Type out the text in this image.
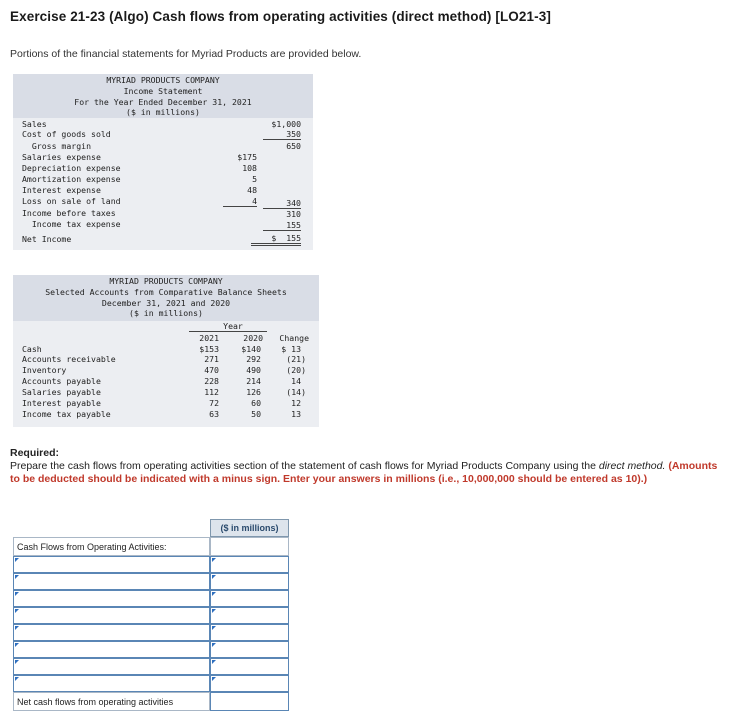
Exercise 21-23 (Algo) Cash flows from operating activities (direct method) [LO21-3]
Portions of the financial statements for Myriad Products are provided below.
MYRIAD PRODUCTS COMPANY
Income Statement
For the Year Ended December 31, 2021
($ in millions)
Sales	$1,000
Cost of goods sold	350
Gross margin	650
Salaries expense	$175
Depreciation expense	108
Amortization expense	5
Interest expense	48
Loss on sale of land	4	340
Income before taxes	310
Income tax expense	155
Net Income	$  155
MYRIAD PRODUCTS COMPANY
Selected Accounts from Comparative Balance Sheets
December 31, 2021 and 2020
($ in millions)
Year
2021	2020	Change
Cash	$153	$140	$ 13
Accounts receivable	271	292	(21)
Inventory	470	490	(20)
Accounts payable	228	214	14
Salaries payable	112	126	(14)
Interest payable	72	60	12
Income tax payable	63	50	13
Required:
Prepare the cash flows from operating activities section of the statement of cash flows for Myriad Products Company using the direct method. (Amounts to be deducted should be indicated with a minus sign. Enter your answers in millions (i.e., 10,000,000 should be entered as 10).)
($ in millions)
Cash Flows from Operating Activities:
Net cash flows from operating activities
